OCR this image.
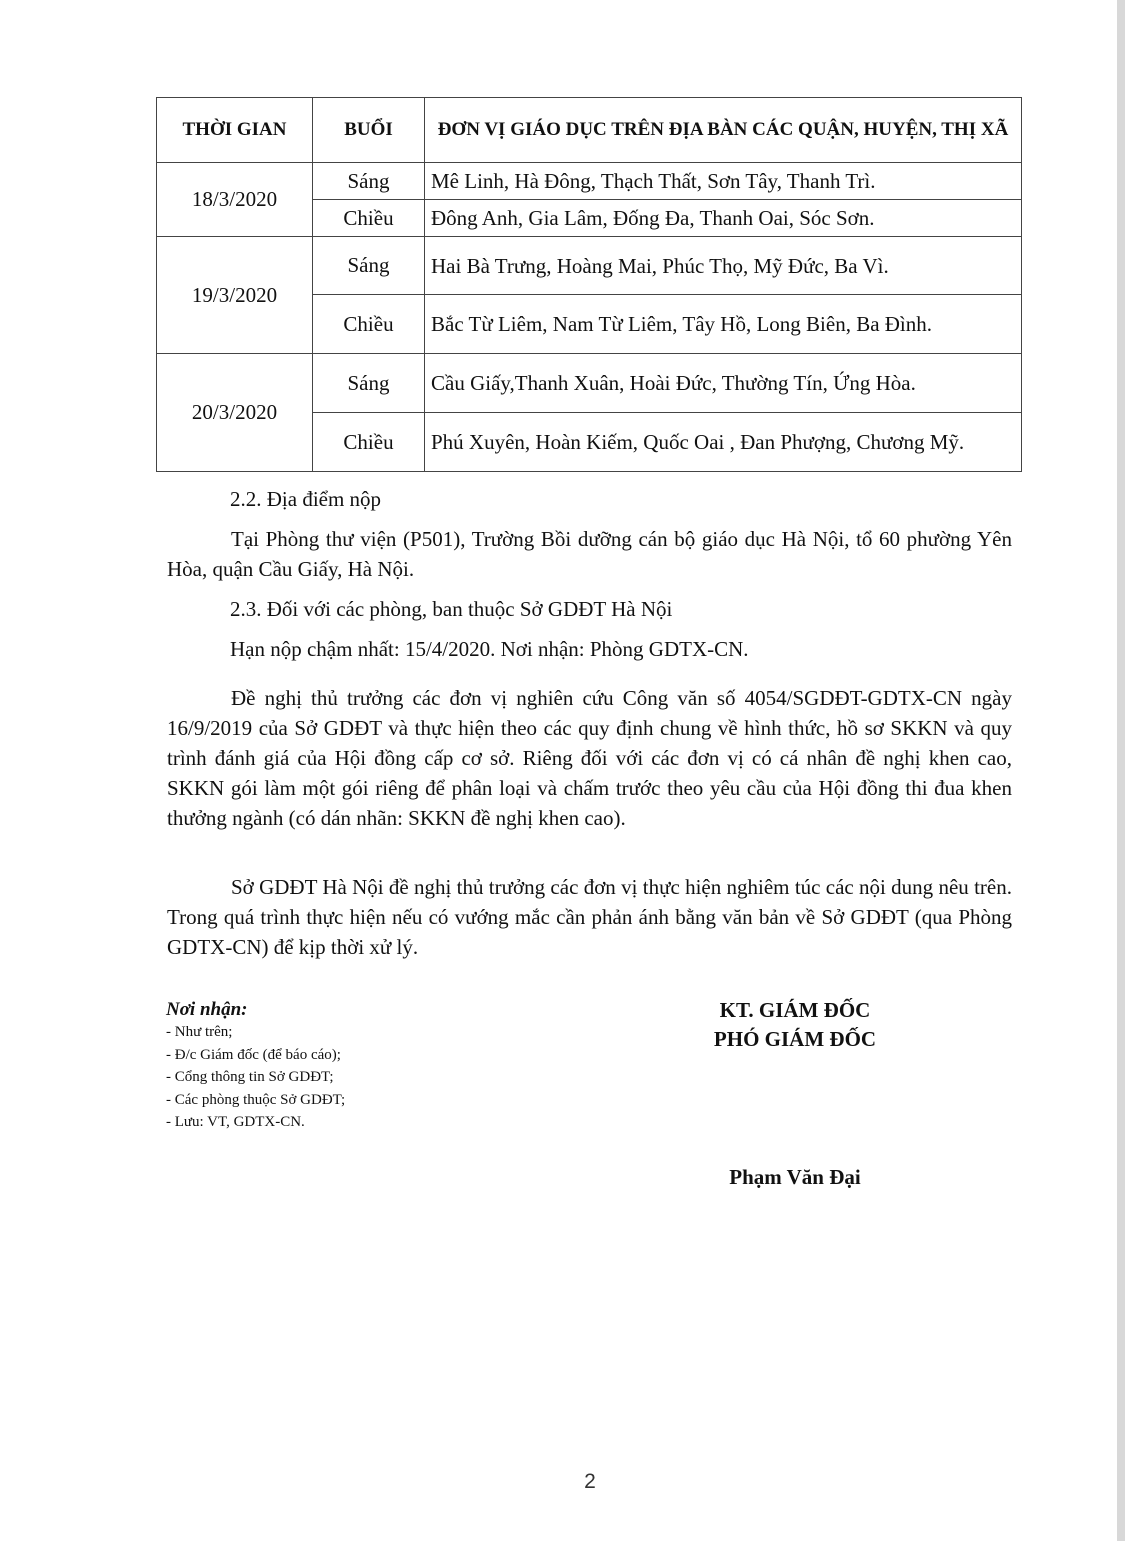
THỜI GIAN	BUỔI	ĐƠN VỊ GIÁO DỤC TRÊN ĐỊA BÀN CÁC QUẬN, HUYỆN, THỊ XÃ
18/3/2020	Sáng	Mê Linh, Hà Đông, Thạch Thất, Sơn Tây, Thanh Trì.
	Chiều	Đông Anh, Gia Lâm, Đống Đa, Thanh Oai, Sóc Sơn.
19/3/2020	Sáng	Hai Bà Trưng, Hoàng Mai, Phúc Thọ, Mỹ Đức, Ba Vì.
	Chiều	Bắc Từ Liêm, Nam Từ Liêm, Tây Hồ, Long Biên, Ba Đình.
20/3/2020	Sáng	Cầu Giấy,Thanh Xuân, Hoài Đức, Thường Tín, Ứng Hòa.
	Chiều	Phú Xuyên, Hoàn Kiếm, Quốc Oai , Đan Phượng, Chương Mỹ.

2.2. Địa điểm nộp

Tại Phòng thư viện (P501), Trường Bồi dưỡng cán bộ giáo dục Hà Nội, tổ 60 phường Yên Hòa, quận Cầu Giấy, Hà Nội.

2.3. Đối với các phòng, ban thuộc Sở GDĐT Hà Nội

Hạn nộp chậm nhất: 15/4/2020. Nơi nhận: Phòng GDTX-CN.

Đề nghị thủ trưởng các đơn vị nghiên cứu Công văn số 4054/SGDĐT-GDTX-CN ngày 16/9/2019 của Sở GDĐT và thực hiện theo các quy định chung về hình thức, hồ sơ SKKN và quy trình đánh giá của Hội đồng cấp cơ sở. Riêng đối với các đơn vị có cá nhân đề nghị khen cao, SKKN gói làm một gói riêng để phân loại và chấm trước theo yêu cầu của Hội đồng thi đua khen thưởng ngành (có dán nhãn: SKKN đề nghị khen cao).

Sở GDĐT Hà Nội đề nghị thủ trưởng các đơn vị thực hiện nghiêm túc các nội dung nêu trên. Trong quá trình thực hiện nếu có vướng mắc cần phản ánh bằng văn bản về Sở GDĐT (qua Phòng GDTX-CN) để kịp thời xử lý.

Nơi nhận:
- Như trên;
- Đ/c Giám đốc (để báo cáo);
- Cổng thông tin Sở GDĐT;
- Các phòng thuộc Sở GDĐT;
- Lưu: VT, GDTX-CN.
KT. GIÁM ĐỐC
PHÓ GIÁM ĐỐC
Phạm Văn Đại
2
